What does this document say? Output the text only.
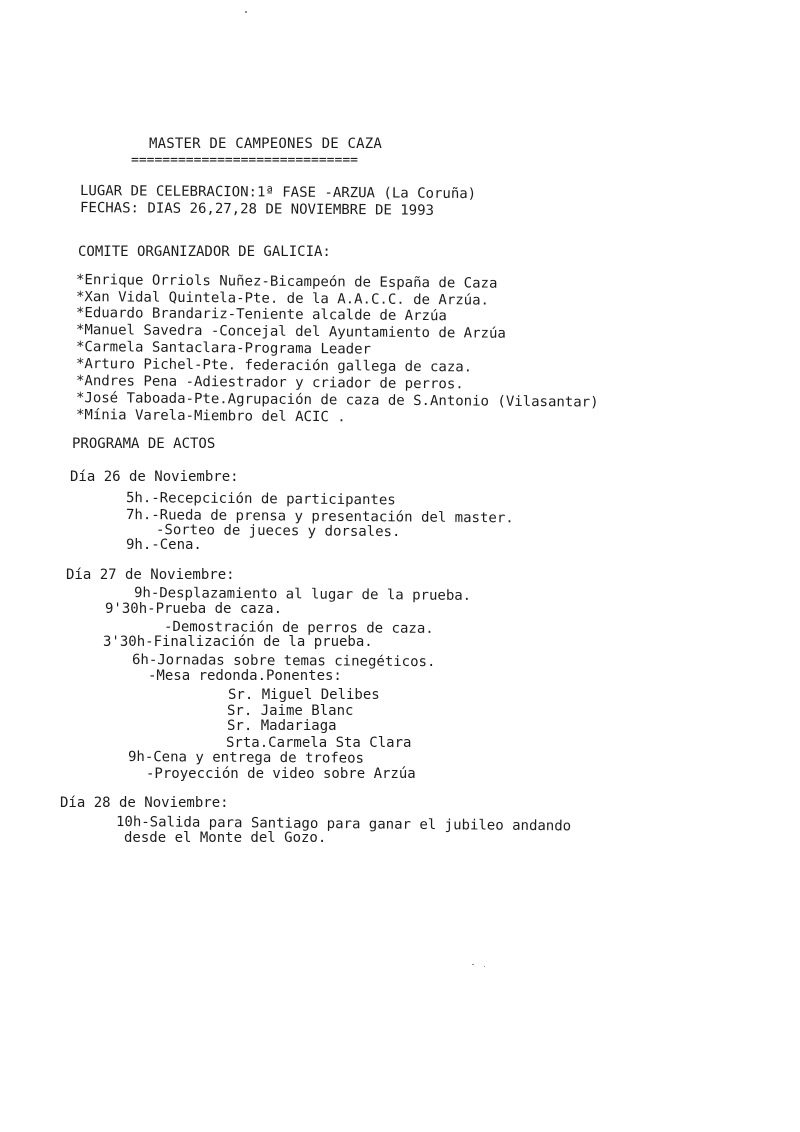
MASTER DE CAMPEONES DE CAZA
=============================
LUGAR DE CELEBRACION:1ª FASE -ARZUA (La Coruña)
FECHAS: DIAS 26,27,28 DE NOVIEMBRE DE 1993
COMITE ORGANIZADOR DE GALICIA:
*Enrique Orriols Nuñez-Bicampeón de España de Caza
*Xan Vidal Quintela-Pte. de la A.A.C.C. de Arzúa.
*Eduardo Brandariz-Teniente alcalde de Arzúa
*Manuel Savedra -Concejal del Ayuntamiento de Arzúa
*Carmela Santaclara-Programa Leader
*Arturo Pichel-Pte. federación gallega de caza.
*Andres Pena -Adiestrador y criador de perros.
*José Taboada-Pte.Agrupación de caza de S.Antonio (Vilasantar)
*Mínia Varela-Miembro del ACIC .
PROGRAMA DE ACTOS
Día 26 de Noviembre:
5h.-Recepcición de participantes
7h.-Rueda de prensa y presentación del master.
-Sorteo de jueces y dorsales.
9h.-Cena.
Día 27 de Noviembre:
9h-Desplazamiento al lugar de la prueba.
9'30h-Prueba de caza.
-Demostración de perros de caza.
3'30h-Finalización de la prueba.
6h-Jornadas sobre temas cinegéticos.
-Mesa redonda.Ponentes:
Sr. Miguel Delibes
Sr. Jaime Blanc
Sr. Madariaga
Srta.Carmela Sta Clara
9h-Cena y entrega de trofeos
-Proyección de video sobre Arzúa
Día 28 de Noviembre:
10h-Salida para Santiago para ganar el jubileo andando
desde el Monte del Gozo.
